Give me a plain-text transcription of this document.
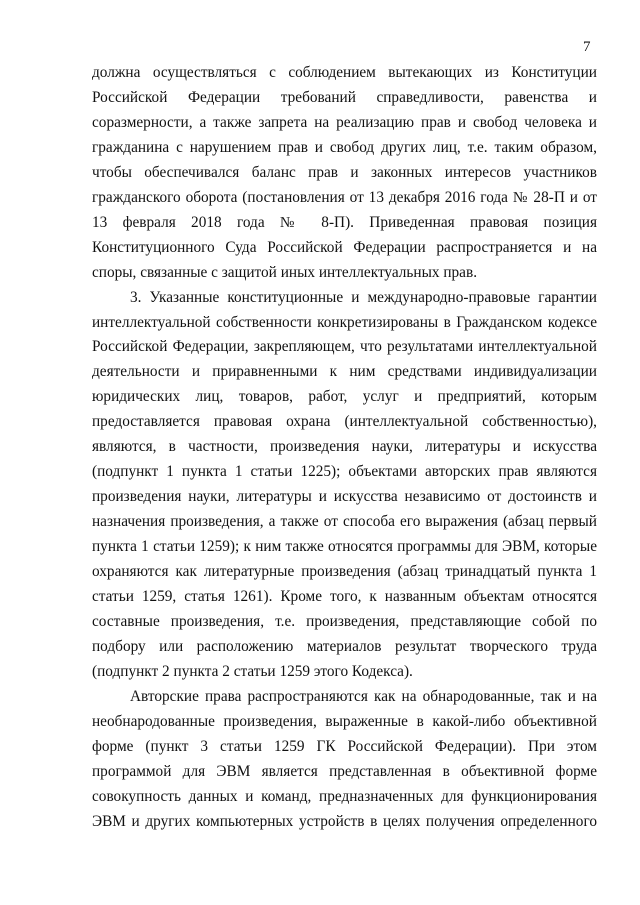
7

должна осуществляться с соблюдением вытекающих из Конституции
Российской Федерации требований справедливости, равенства и
соразмерности, а также запрета на реализацию прав и свобод человека и
гражданина с нарушением прав и свобод других лиц, т.е. таким образом,
чтобы обеспечивался баланс прав и законных интересов участников
гражданского оборота (постановления от 13 декабря 2016 года № 28-П и от
13 февраля 2018 года № 8-П). Приведенная правовая позиция
Конституционного Суда Российской Федерации распространяется и на
споры, связанные с защитой иных интеллектуальных прав.

3. Указанные конституционные и международно-правовые гарантии
интеллектуальной собственности конкретизированы в Гражданском кодексе
Российской Федерации, закрепляющем, что результатами интеллектуальной
деятельности и приравненными к ним средствами индивидуализации
юридических лиц, товаров, работ, услуг и предприятий, которым
предоставляется правовая охрана (интеллектуальной собственностью),
являются, в частности, произведения науки, литературы и искусства
(подпункт 1 пункта 1 статьи 1225); объектами авторских прав являются
произведения науки, литературы и искусства независимо от достоинств и
назначения произведения, а также от способа его выражения (абзац первый
пункта 1 статьи 1259); к ним также относятся программы для ЭВМ, которые
охраняются как литературные произведения (абзац тринадцатый пункта 1
статьи 1259, статья 1261). Кроме того, к названным объектам относятся
составные произведения, т.е. произведения, представляющие собой по
подбору или расположению материалов результат творческого труда
(подпункт 2 пункта 2 статьи 1259 этого Кодекса).

Авторские права распространяются как на обнародованные, так и на
необнародованные произведения, выраженные в какой-либо объективной
форме (пункт 3 статьи 1259 ГК Российской Федерации). При этом
программой для ЭВМ является представленная в объективной форме
совокупность данных и команд, предназначенных для функционирования
ЭВМ и других компьютерных устройств в целях получения определенного
